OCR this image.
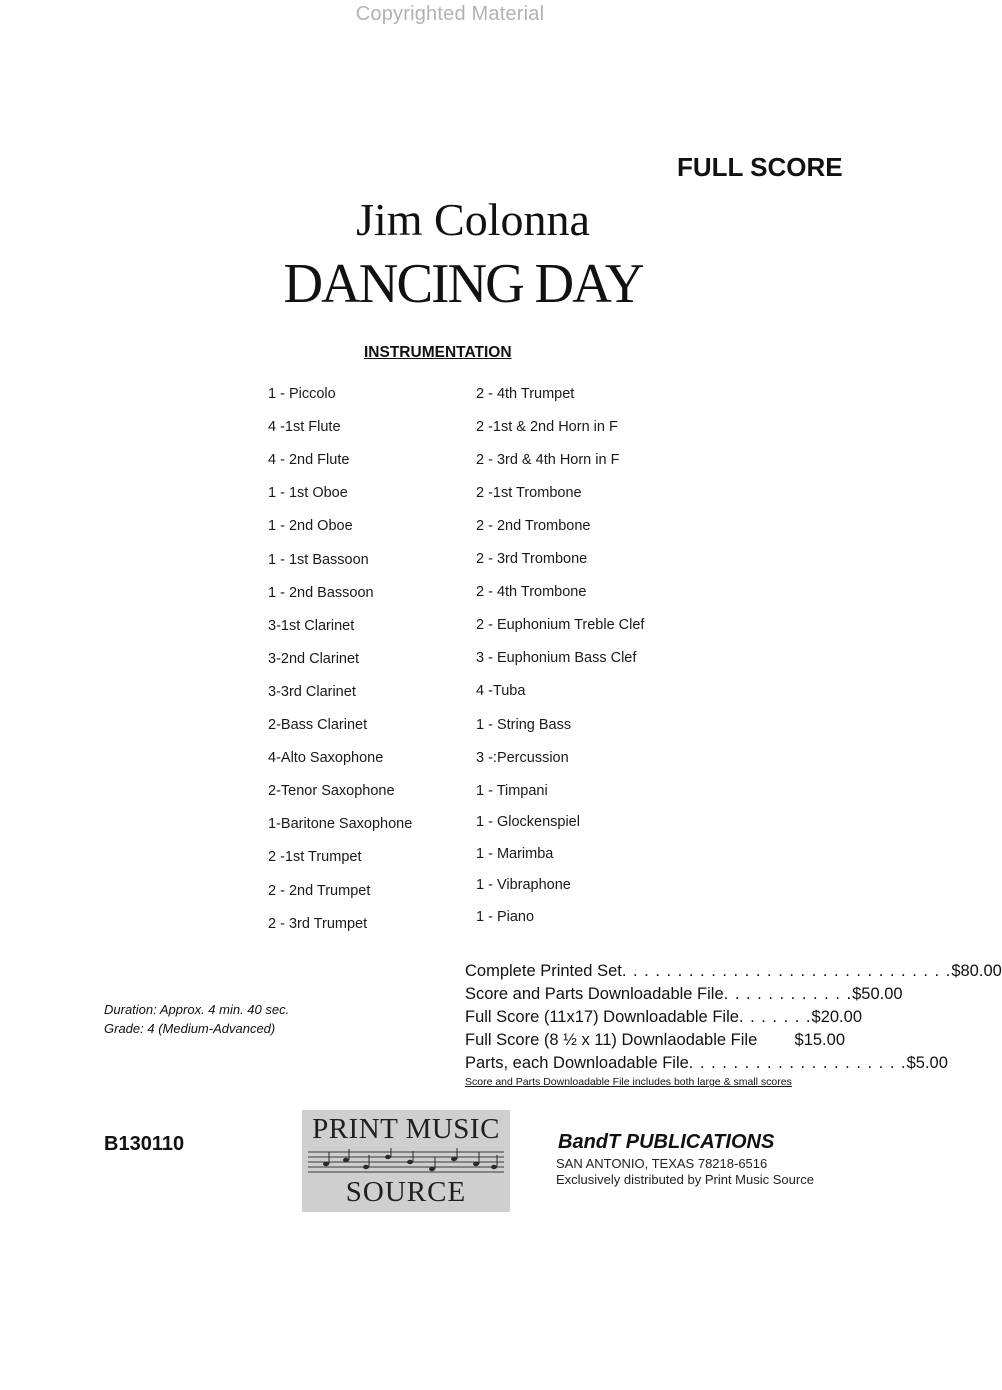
Copyrighted Material
FULL SCORE
Jim Colonna
DANCING DAY
INSTRUMENTATION
1 - Piccolo
4 -1st Flute
4 - 2nd Flute
1 - 1st Oboe
1 - 2nd Oboe
1 - 1st Bassoon
1 - 2nd Bassoon
3-1st Clarinet
3-2nd Clarinet
3-3rd Clarinet
2-Bass Clarinet
4-Alto Saxophone
2-Tenor Saxophone
1-Baritone Saxophone
2 -1st Trumpet
2 - 2nd Trumpet
2 - 3rd Trumpet
2 - 4th Trumpet
2 -1st & 2nd Horn in F
2 - 3rd & 4th Horn in F
2 -1st Trombone
2 - 2nd Trombone
2 - 3rd Trombone
2 - 4th Trombone
2 - Euphonium Treble Clef
3 - Euphonium Bass Clef
4 -Tuba
1 - String Bass
3 -:Percussion
1 - Timpani
1 - Glockenspiel
1 - Marimba
1 - Vibraphone
1 - Piano
Duration: Approx. 4 min. 40 sec.
Grade: 4 (Medium-Advanced)
Complete Printed Set . . . . . . . . . . . . . . . . . . . . . . . . . . . . . . $80.00
Score and Parts Downloadable File . . . . . . . . . . . . $50.00
Full Score (11x17) Downloadable File . . . . . . . $20.00
Full Score (8 ½ x 11) Downlaodable File $15.00
Parts, each Downloadable File . . . . . . . . . . . . . . . . . . . . $5.00
Score and Parts Downloadable File includes both large & small scores
B130110	PRINT MUSIC
SOURCE
BandT PUBLICATIONS
SAN ANTONIO, TEXAS 78218-6516
Exclusively distributed by Print Music Source
